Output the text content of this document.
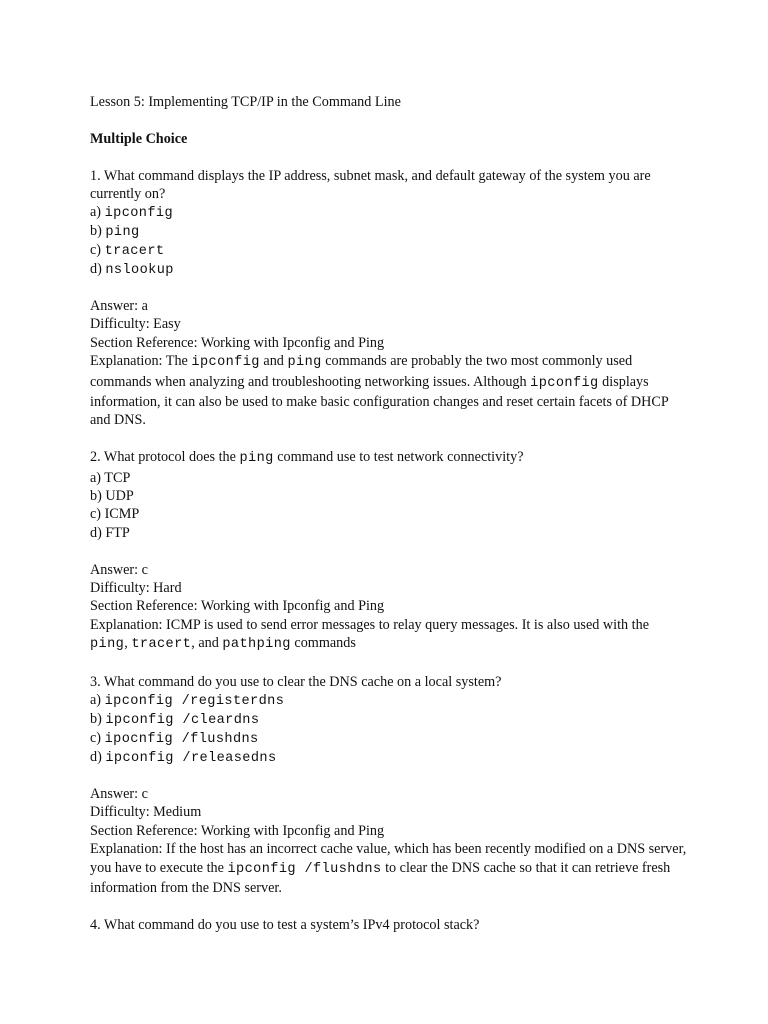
Lesson 5: Implementing TCP/IP in the Command Line

Multiple Choice

1. What command displays the IP address, subnet mask, and default gateway of the system you are currently on?

a) ipconfig

b) ping

c) tracert

d) nslookup

Answer: a

Difficulty: Easy

Section Reference: Working with Ipconfig and Ping

Explanation: The ipconfig and ping commands are probably the two most commonly used commands when analyzing and troubleshooting networking issues. Although ipconfig displays information, it can also be used to make basic configuration changes and reset certain facets of DHCP and DNS.

2. What protocol does the ping command use to test network connectivity?

a) TCP

b) UDP

c) ICMP

d) FTP

Answer: c

Difficulty: Hard

Section Reference: Working with Ipconfig and Ping

Explanation: ICMP is used to send error messages to relay query messages. It is also used with the ping, tracert, and pathping commands

3. What command do you use to clear the DNS cache on a local system?

a) ipconfig /registerdns

b) ipconfig /cleardns

c) ipocnfig /flushdns

d) ipconfig /releasedns

Answer: c

Difficulty: Medium

Section Reference: Working with Ipconfig and Ping

Explanation: If the host has an incorrect cache value, which has been recently modified on a DNS server, you have to execute the ipconfig /flushdns to clear the DNS cache so that it can retrieve fresh information from the DNS server.

4. What command do you use to test a system’s IPv4 protocol stack?
